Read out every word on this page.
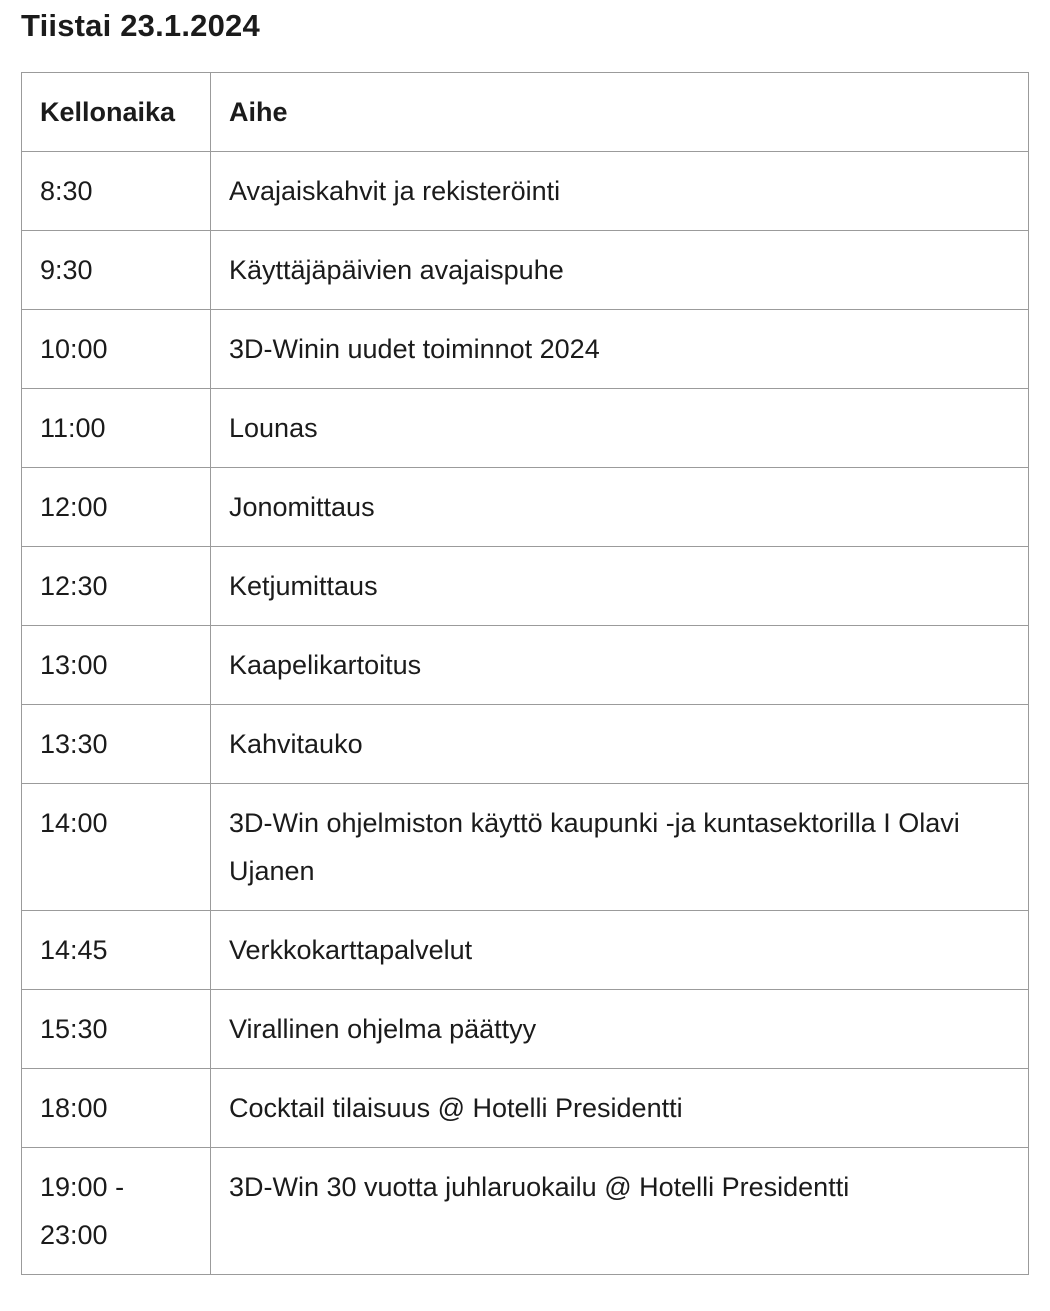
Tiistai 23.1.2024
Kellonaika	Aihe
8:30	Avajaiskahvit ja rekisteröinti
9:30	Käyttäjäpäivien avajaispuhe
10:00	3D-Winin uudet toiminnot 2024
11:00	Lounas
12:00	Jonomittaus
12:30	Ketjumittaus
13:00	Kaapelikartoitus
13:30	Kahvitauko
14:00	3D-Win ohjelmiston käyttö kaupunki -ja kuntasektorilla I Olavi Ujanen
14:45	Verkkokarttapalvelut
15:30	Virallinen ohjelma päättyy
18:00	Cocktail tilaisuus @ Hotelli Presidentti
19:00 - 23:00	3D-Win 30 vuotta juhlaruokailu @ Hotelli Presidentti
